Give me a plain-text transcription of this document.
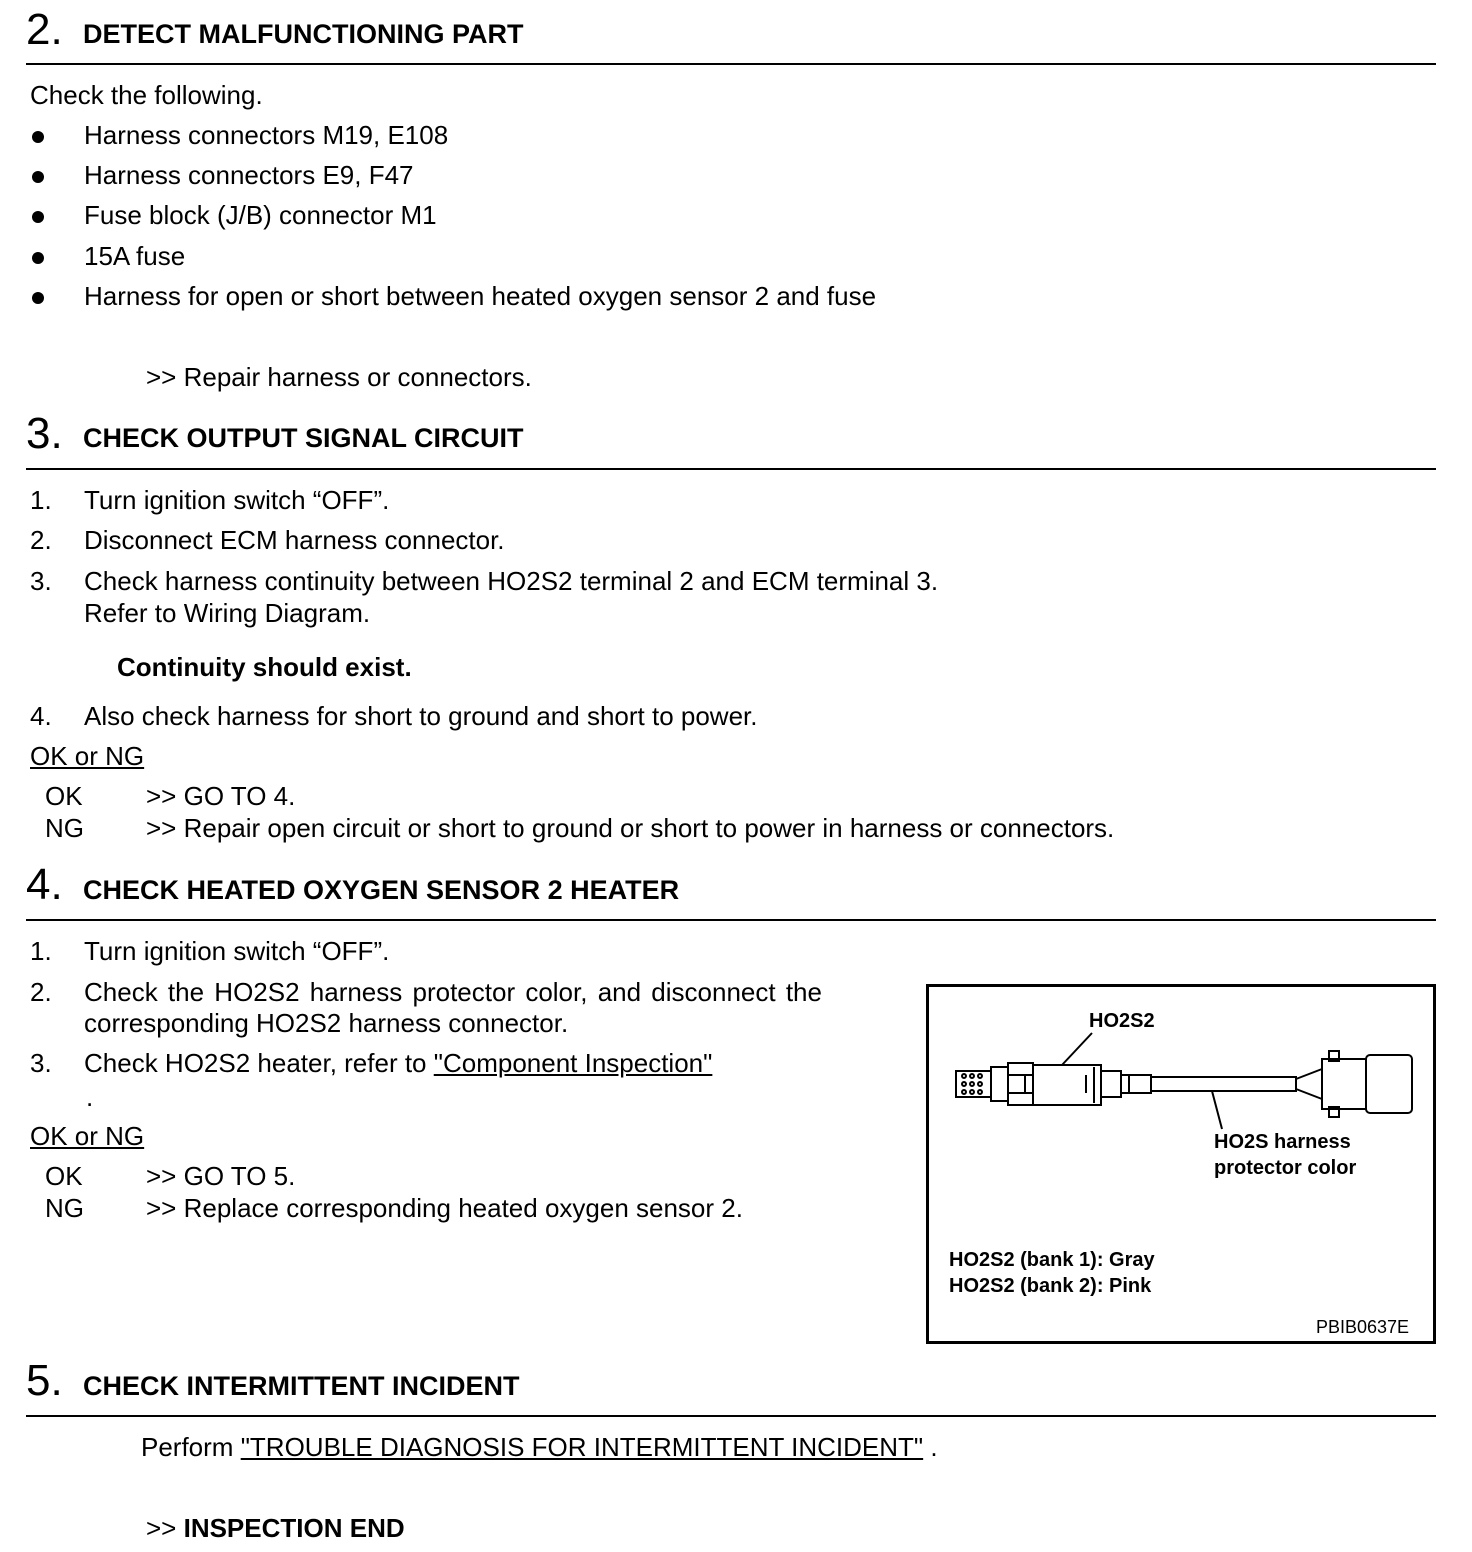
2. DETECT MALFUNCTIONING PART
Check the following.
Harness connectors M19, E108
Harness connectors E9, F47
Fuse block (J/B) connector M1
15A fuse
Harness for open or short between heated oxygen sensor 2 and fuse
>> Repair harness or connectors.
3. CHECK OUTPUT SIGNAL CIRCUIT
1. Turn ignition switch “OFF”.
2. Disconnect ECM harness connector.
3. Check harness continuity between HO2S2 terminal 2 and ECM terminal 3.
Refer to Wiring Diagram.
Continuity should exist.
4. Also check harness for short to ground and short to power.
OK or NG
OK >> GO TO 4.
NG >> Repair open circuit or short to ground or short to power in harness or connectors.
4. CHECK HEATED OXYGEN SENSOR 2 HEATER
1. Turn ignition switch “OFF”.
2. Check the HO2S2 harness protector color, and disconnect the
corresponding HO2S2 harness connector.
3. Check HO2S2 heater, refer to "Component Inspection"
.
OK or NG
OK >> GO TO 5.
NG >> Replace corresponding heated oxygen sensor 2.
HO2S2
HO2S harness
protector color
HO2S2 (bank 1): Gray
HO2S2 (bank 2): Pink
PBIB0637E
5. CHECK INTERMITTENT INCIDENT
Perform "TROUBLE DIAGNOSIS FOR INTERMITTENT INCIDENT" .
>> INSPECTION END
